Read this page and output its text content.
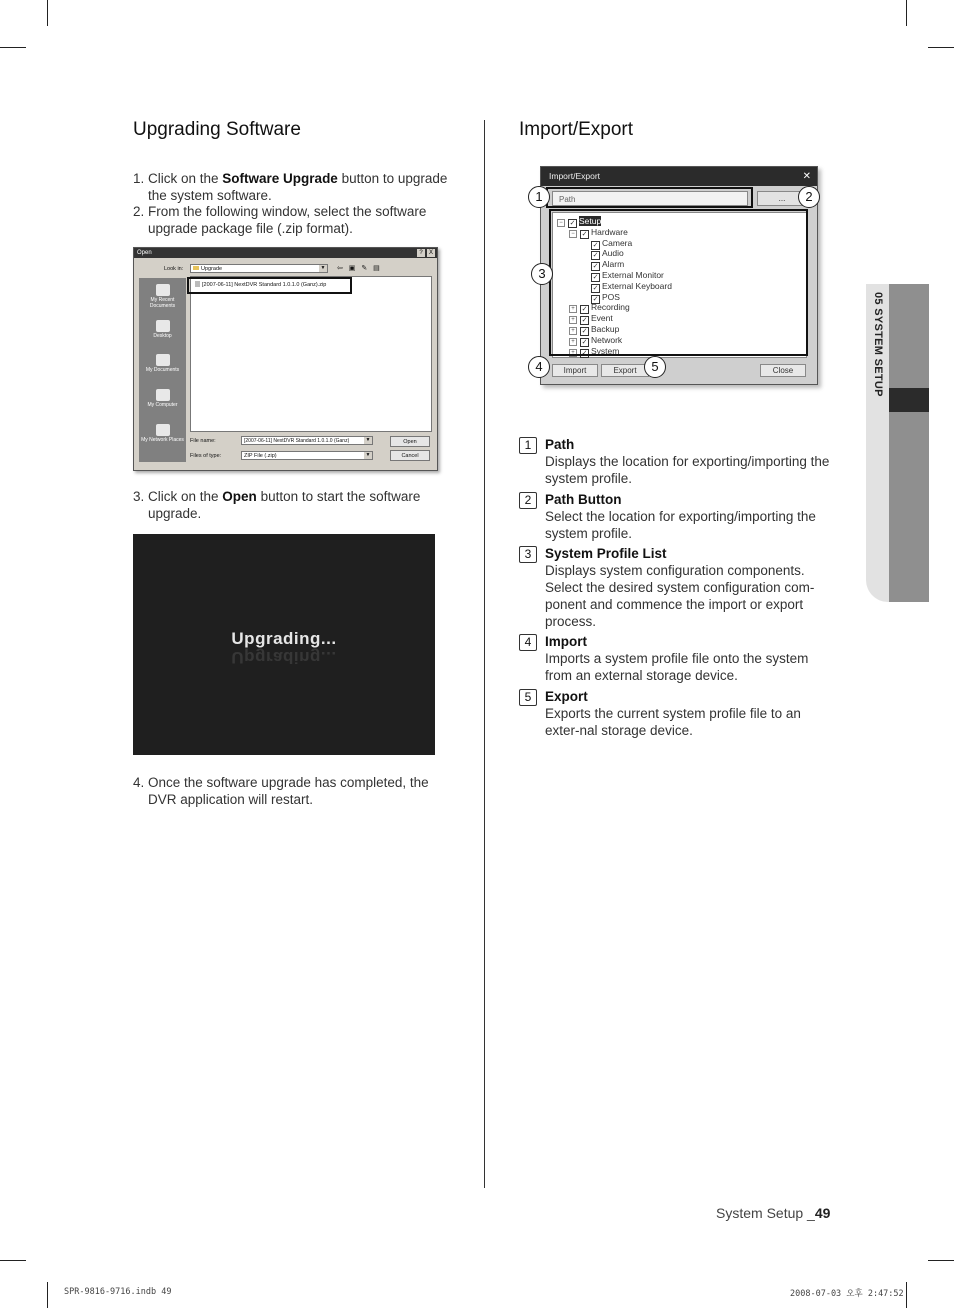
Upgrading Software
1. Click on the Software Upgrade button to upgrade the system software.
2. From the following window, select the software upgrade package file (.zip format).
Open	?	X
Look in:	Upgrade	▼ ⇦ ▣ ✎ ▤
My Recent Documents
Desktop
My Documents
My Computer
My Network Places
[2007-06-11] NextDVR Standard 1.0.1.0 (Ganz).zip
File name:	[2007-06-11] NextDVR Standard 1.0.1.0 (Ganz)	▼
Files of type:	ZIP File (.zip)	▼
Open
Cancel
3. Click on the Open button to start the software upgrade.
Upgrading...
Upgrading...
4. Once the software upgrade has completed, the DVR application will restart.
Import/Export
Import/Export	✕
Path	...
− ✓ Setup
− ✓ Hardware
✓ Camera
✓ Audio
✓ Alarm
✓ External Monitor
✓ External Keyboard
✓ POS
+ ✓ Recording
+ ✓ Event
+ ✓ Backup
+ ✓ Network
+ ✓ System
Import	Export	Close
1	2
3
4	5
1	Path
Displays the location for exporting/importing the system profile.
2	Path Button
Select the location for exporting/importing the system profile.
3	System Profile List
Displays system configuration components. Select the desired system configuration com-ponent and commence the import or export process.
4	Import
Imports a system profile file onto the system from an external storage device.
5	Export
Exports the current system profile file to an exter-nal storage device.
05 SYSTEM SETUP
System Setup _49
SPR-9816-9716.indb 49	2008-07-03 오후 2:47:52
